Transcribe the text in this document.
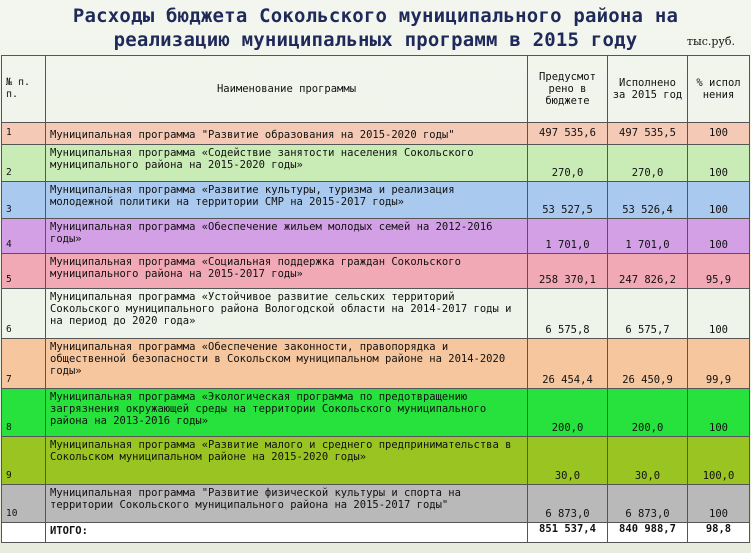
Расходы бюджета Сокольского муниципального района на
реализацию муниципальных программ в 2015 году	тыс.руб.
№ п. п.	Наименование программы	Предусмот рено в бюджете	Исполнено за 2015 год	% испол нения
1	Муниципальная программа "Развитие образования на 2015-2020 годы"	497 535,6	497 535,5	100
2	Муниципальная программа «Содействие занятости населения Сокольского муниципального района на 2015-2020 годы»	270,0	270,0	100
3	Муниципальная программа «Развитие культуры, туризма и реализация молодежной политики на территории СМР на 2015-2017 годы»	53 527,5	53 526,4	100
4	Муниципальная программа «Обеспечение жильем молодых семей на 2012-2016 годы»	1 701,0	1 701,0	100
5	Муниципальная программа «Социальная поддержка граждан Сокольского муниципального района на 2015-2017 годы»	258 370,1	247 826,2	95,9
6	Муниципальная программа «Устойчивое развитие сельских территорий Сокольского муниципального района Вологодской области на 2014-2017 годы и на период до 2020 года»	6 575,8	6 575,7	100
7	Муниципальная программа «Обеспечение законности, правопорядка и общественной безопасности в Сокольском муниципальном районе на 2014-2020 годы»	26 454,4	26 450,9	99,9
8	Муниципальная программа «Экологическая программа по предотвращению загрязнения окружающей среды на территории Сокольского муниципального района на 2013-2016 годы»	200,0	200,0	100
9	Муниципальная программа «Развитие малого и среднего предпринимательства в Сокольском муниципальном районе на 2015-2020 годы»	30,0	30,0	100,0
10	Муниципальная программа "Развитие физической культуры и спорта на территории Сокольского муниципального района на 2015-2017 годы"	6 873,0	6 873,0	100
	ИТОГО:	851 537,4	840 988,7	98,8
